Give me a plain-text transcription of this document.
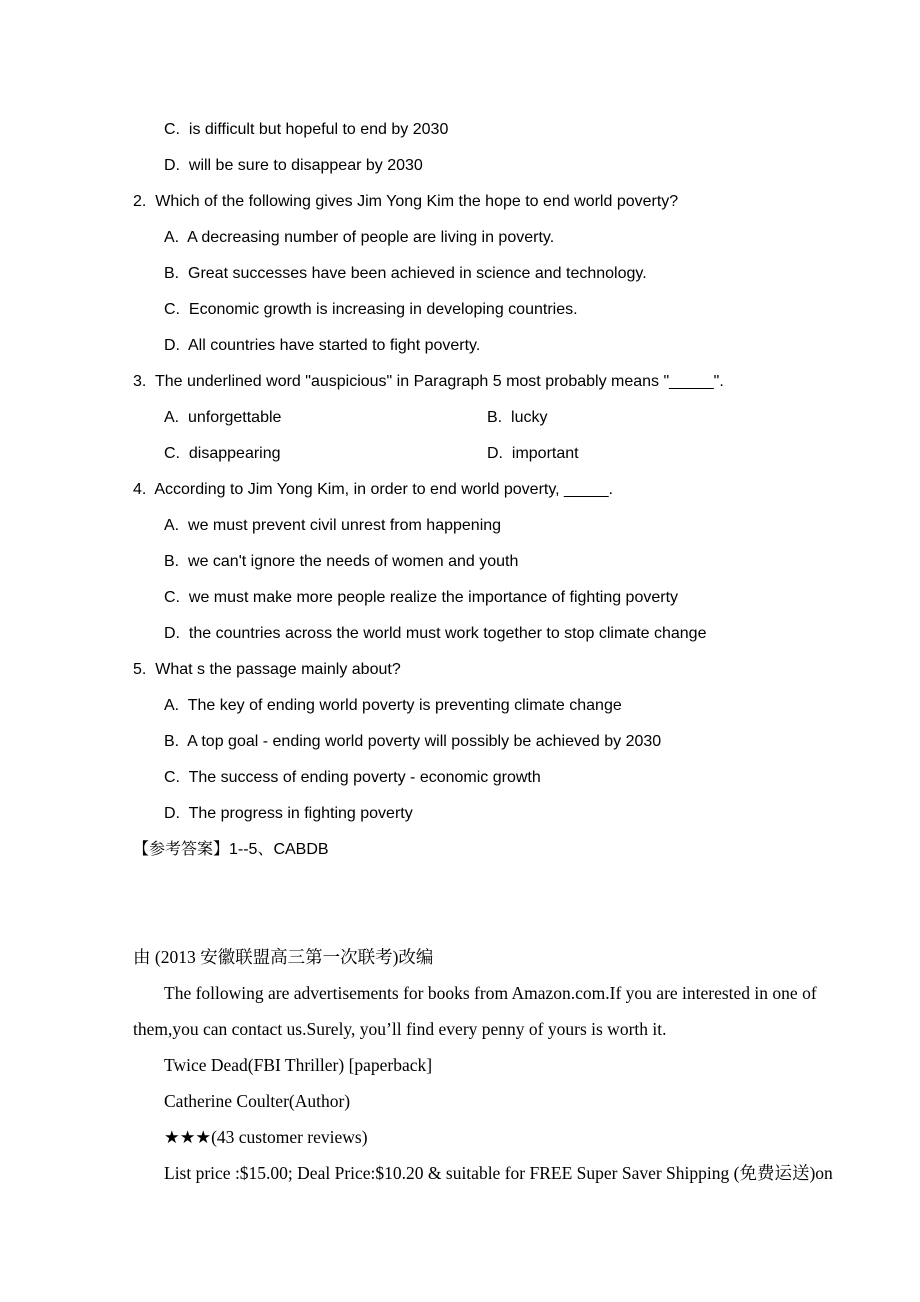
C.  is difficult but hopeful to end by 2030
D.  will be sure to disappear by 2030
2.  Which of the following gives Jim Yong Kim the hope to end world poverty?
A.  A decreasing number of people are living in poverty.
B.  Great successes have been achieved in science and technology.
C.  Economic growth is increasing in developing countries.
D.  All countries have started to fight poverty.
3.  The underlined word "auspicious" in Paragraph 5 most probably means "_____".
A.  unforgettable	B.  lucky
C.  disappearing	D.  important
4.  According to Jim Yong Kim, in order to end world poverty, _____.
A.  we must prevent civil unrest from happening
B.  we can't ignore the needs of women and youth
C.  we must make more people realize the importance of fighting poverty
D.  the countries across the world must work together to stop climate change
5.  What s the passage mainly about?
A.  The key of ending world poverty is preventing climate change
B.  A top goal - ending world poverty will possibly be achieved by 2030
C.  The success of ending poverty - economic growth
D.  The progress in fighting poverty
【参考答案】1--5、CABDB
由 (2013 安徽联盟高三第一次联考)改编
The following are advertisements for books from Amazon.com.If you are interested in one of
them,you can contact us.Surely, you’ll find every penny of yours is worth it.
Twice Dead(FBI Thriller) [paperback]
Catherine Coulter(Author)
★★★(43 customer reviews)
List price :$15.00; Deal Price:$10.20 & suitable for FREE Super Saver Shipping (免费运送)on
